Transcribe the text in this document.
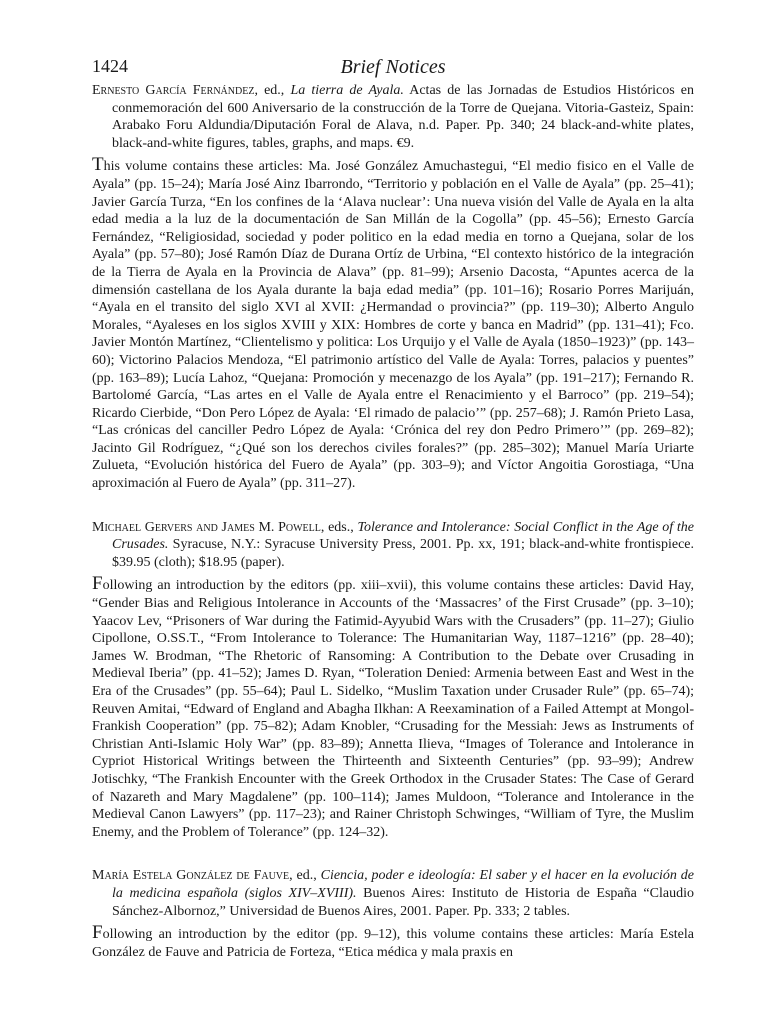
1424	Brief Notices

Ernesto García Fernández, ed., La tierra de Ayala. Actas de las Jornadas de Estudios Históricos en conmemoración del 600 Aniversario de la construcción de la Torre de Quejana. Vitoria-Gasteiz, Spain: Arabako Foru Aldundia/Diputación Foral de Alava, n.d. Paper. Pp. 340; 24 black-and-white plates, black-and-white figures, tables, graphs, and maps. €9.

This volume contains these articles: Ma. José González Amuchastegui, “El medio fisico en el Valle de Ayala” (pp. 15–24); María José Ainz Ibarrondo, “Territorio y población en el Valle de Ayala” (pp. 25–41); Javier García Turza, “En los confines de la ‘Alava nuclear’: Una nueva visión del Valle de Ayala en la alta edad media a la luz de la documentación de San Millán de la Cogolla” (pp. 45–56); Ernesto García Fernández, “Religiosidad, sociedad y poder politico en la edad media en torno a Quejana, solar de los Ayala” (pp. 57–80); José Ramón Díaz de Durana Ortíz de Urbina, “El contexto histórico de la integración de la Tierra de Ayala en la Provincia de Alava” (pp. 81–99); Arsenio Dacosta, “Apuntes acerca de la dimensión castellana de los Ayala durante la baja edad media” (pp. 101–16); Rosario Porres Marijuán, “Ayala en el transito del siglo XVI al XVII: ¿Hermandad o provincia?” (pp. 119–30); Alberto Angulo Morales, “Ayaleses en los siglos XVIII y XIX: Hombres de corte y banca en Madrid” (pp. 131–41); Fco. Javier Montón Martínez, “Clientelismo y politica: Los Urquijo y el Valle de Ayala (1850–1923)” (pp. 143–60); Victorino Palacios Mendoza, “El patrimonio artístico del Valle de Ayala: Torres, palacios y puentes” (pp. 163–89); Lucía Lahoz, “Quejana: Promoción y mecenazgo de los Ayala” (pp. 191–217); Fernando R. Bartolomé García, “Las artes en el Valle de Ayala entre el Renacimiento y el Barroco” (pp. 219–54); Ricardo Cierbide, “Don Pero López de Ayala: ‘El rimado de palacio’” (pp. 257–68); J. Ramón Prieto Lasa, “Las crónicas del canciller Pedro López de Ayala: ‘Crónica del rey don Pedro Primero’” (pp. 269–82); Jacinto Gil Rodríguez, “¿Qué son los derechos civiles forales?” (pp. 285–302); Manuel María Uriarte Zulueta, “Evolución histórica del Fuero de Ayala” (pp. 303–9); and Víctor Angoitia Gorostiaga, “Una aproximación al Fuero de Ayala” (pp. 311–27).

Michael Gervers and James M. Powell, eds., Tolerance and Intolerance: Social Conflict in the Age of the Crusades. Syracuse, N.Y.: Syracuse University Press, 2001. Pp. xx, 191; black-and-white frontispiece. $39.95 (cloth); $18.95 (paper).

Following an introduction by the editors (pp. xiii–xvii), this volume contains these articles: David Hay, “Gender Bias and Religious Intolerance in Accounts of the ‘Massacres’ of the First Crusade” (pp. 3–10); Yaacov Lev, “Prisoners of War during the Fatimid-Ayyubid Wars with the Crusaders” (pp. 11–27); Giulio Cipollone, O.SS.T., “From Intolerance to Tolerance: The Humanitarian Way, 1187–1216” (pp. 28–40); James W. Brodman, “The Rhetoric of Ransoming: A Contribution to the Debate over Crusading in Medieval Iberia” (pp. 41–52); James D. Ryan, “Toleration Denied: Armenia between East and West in the Era of the Crusades” (pp. 55–64); Paul L. Sidelko, “Muslim Taxation under Crusader Rule” (pp. 65–74); Reuven Amitai, “Edward of England and Abagha Ilkhan: A Reexamination of a Failed Attempt at Mongol-Frankish Cooperation” (pp. 75–82); Adam Knobler, “Crusading for the Messiah: Jews as Instruments of Christian Anti-Islamic Holy War” (pp. 83–89); Annetta Ilieva, “Images of Tolerance and Intolerance in Cypriot Historical Writings between the Thirteenth and Sixteenth Centuries” (pp. 93–99); Andrew Jotischky, “The Frankish Encounter with the Greek Orthodox in the Crusader States: The Case of Gerard of Nazareth and Mary Magdalene” (pp. 100–114); James Muldoon, “Tolerance and Intolerance in the Medieval Canon Lawyers” (pp. 117–23); and Rainer Christoph Schwinges, “William of Tyre, the Muslim Enemy, and the Problem of Tolerance” (pp. 124–32).

María Estela González de Fauve, ed., Ciencia, poder e ideología: El saber y el hacer en la evolución de la medicina española (siglos XIV–XVIII). Buenos Aires: Instituto de Historia de España “Claudio Sánchez-Albornoz,” Universidad de Buenos Aires, 2001. Paper. Pp. 333; 2 tables.

Following an introduction by the editor (pp. 9–12), this volume contains these articles: María Estela González de Fauve and Patricia de Forteza, “Etica médica y mala praxis en
